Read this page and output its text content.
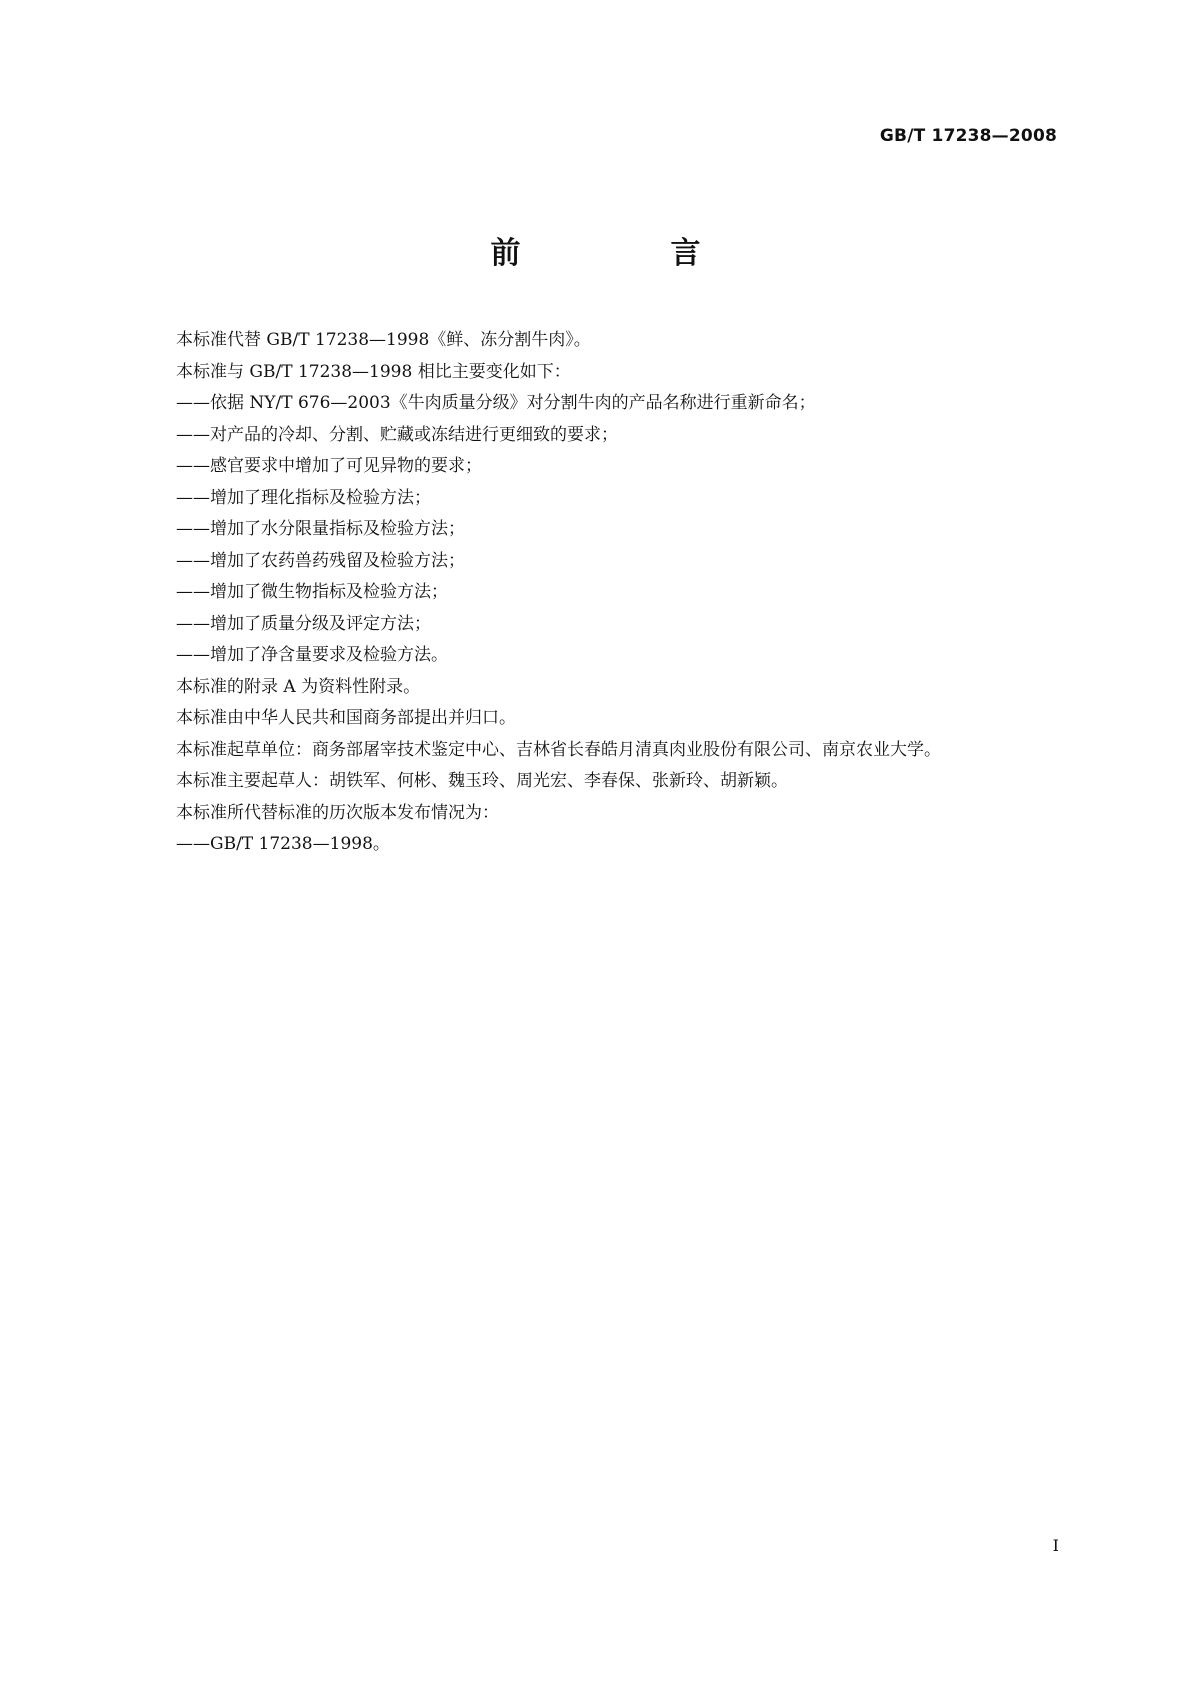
GB/T 17238—2008
前　言

本标准代替 GB/T 17238—1998《鲜、冻分割牛肉》。

本标准与 GB/T 17238—1998 相比主要变化如下：

——依据 NY/T 676—2003《牛肉质量分级》对分割牛肉的产品名称进行重新命名；

——对产品的冷却、分割、贮藏或冻结进行更细致的要求；

——感官要求中增加了可见异物的要求；

——增加了理化指标及检验方法；

——增加了水分限量指标及检验方法；

——增加了农药兽药残留及检验方法；

——增加了微生物指标及检验方法；

——增加了质量分级及评定方法；

——增加了净含量要求及检验方法。

本标准的附录 A 为资料性附录。

本标准由中华人民共和国商务部提出并归口。

本标准起草单位：商务部屠宰技术鉴定中心、吉林省长春皓月清真肉业股份有限公司、南京农业大学。

本标准主要起草人：胡铁军、何彬、魏玉玲、周光宏、李春保、张新玲、胡新颖。

本标准所代替标准的历次版本发布情况为：

——GB/T 17238—1998。

I
